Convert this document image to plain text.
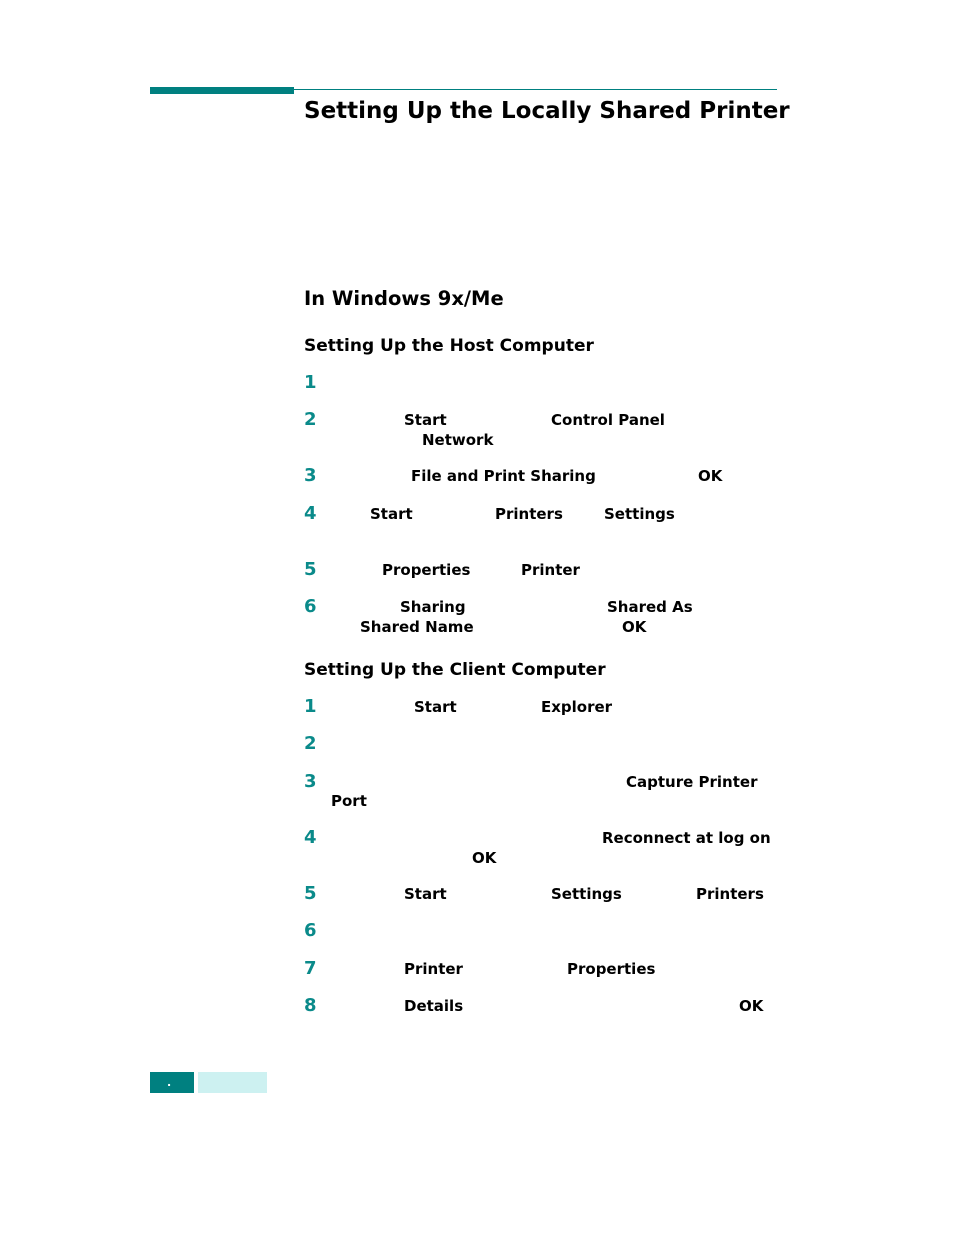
Setting Up the Locally Shared Printer
In Windows 9x/Me
Setting Up the Host Computer
1
2	Start	Control Panel
Network
3	File and Print Sharing	OK
4	Start	Printers	Settings
5	Properties	Printer
6	Sharing	Shared As
Shared Name	OK
Setting Up the Client Computer
1	Start	Explorer
2
3	Capture Printer
Port
4	Reconnect at log on
OK
5	Start	Settings	Printers
6
7	Printer	Properties
8	Details	OK
.
